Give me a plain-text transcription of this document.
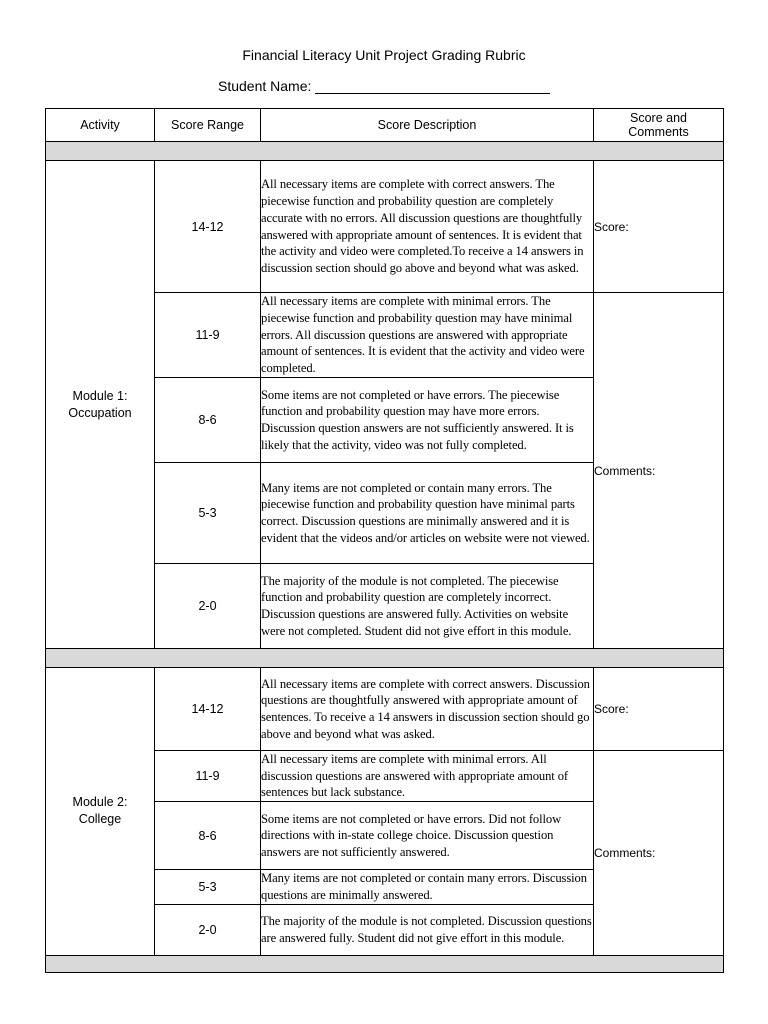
Financial Literacy Unit Project Grading Rubric
Student Name:
Activity	Score Range	Score Description	Score and Comments

Module 1: Occupation	14-12	All necessary items are complete with correct answers. The piecewise function and probability question are completely accurate with no errors. All discussion questions are thoughtfully answered with appropriate amount of sentences. It is evident that the activity and video were completed.To receive a 14 answers in discussion section should go above and beyond what was asked.	Score:
	11-9	All necessary items are complete with minimal errors. The piecewise function and probability question may have minimal errors. All discussion questions are answered with appropriate amount of sentences. It is evident that the activity and video were completed.	Comments:
	8-6	Some items are not completed or have errors. The piecewise function and probability question may have more errors. Discussion question answers are not sufficiently answered. It is likely that the activity, video was not fully completed.	
	5-3	Many items are not completed or contain many errors. The piecewise function and probability question have minimal parts correct. Discussion questions are minimally answered and it is evident that the videos and/or articles on website were not viewed.	
	2-0	The majority of the module is not completed. The piecewise function and probability question are completely incorrect. Discussion questions are answered fully. Activities on website were not completed. Student did not give effort in this module.	

Module 2: College	14-12	All necessary items are complete with correct answers. Discussion questions are thoughtfully answered with appropriate amount of sentences. To receive a 14 answers in discussion section should go above and beyond what was asked.	Score:
	11-9	All necessary items are complete with minimal errors. All discussion questions are answered with appropriate amount of sentences but lack substance.	Comments:
	8-6	Some items are not completed or have errors. Did not follow directions with in-state college choice. Discussion question answers are not sufficiently answered.	
	5-3	Many items are not completed or contain many errors. Discussion questions are minimally answered.	
	2-0	The majority of the module is not completed. Discussion questions are answered fully. Student did not give effort in this module.	
